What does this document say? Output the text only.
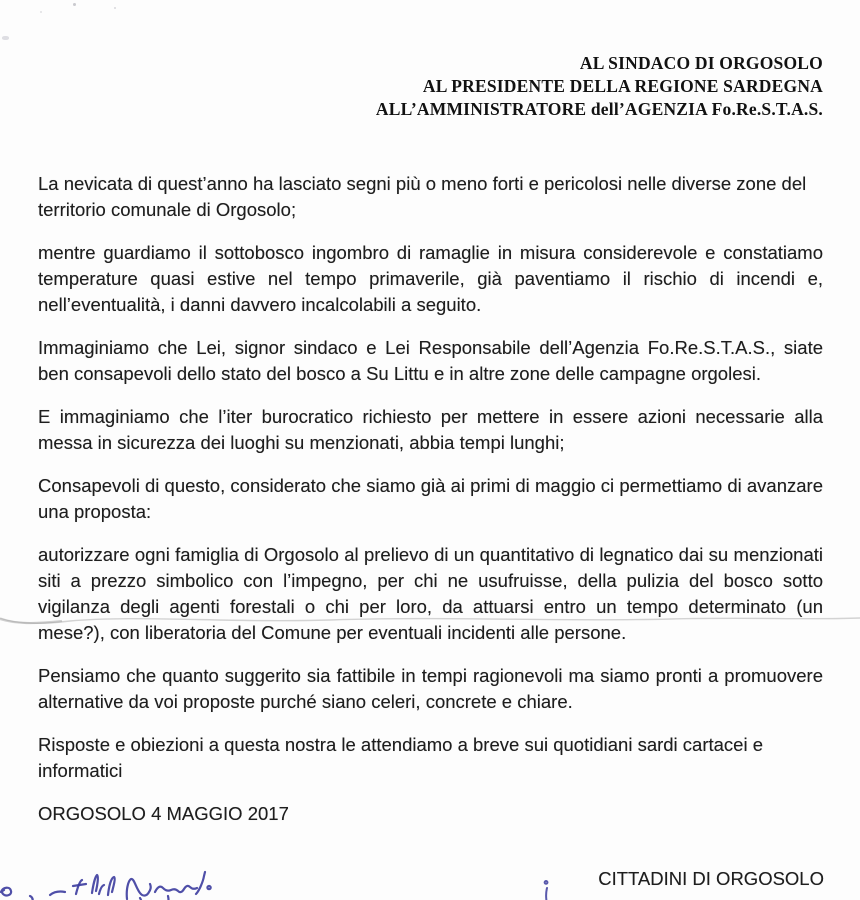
AL SINDACO DI ORGOSOLO
AL PRESIDENTE DELLA REGIONE SARDEGNA
ALL’AMMINISTRATORE dell’AGENZIA Fo.Re.S.T.A.S.

La nevicata di quest’anno ha lasciato segni più o meno forti e pericolosi nelle diverse zone del territorio comunale di Orgosolo;

mentre guardiamo il sottobosco ingombro di ramaglie in misura considerevole e constatiamo temperature quasi estive nel tempo primaverile, già paventiamo il rischio di incendi e, nell’eventualità, i danni davvero incalcolabili a seguito.

Immaginiamo che Lei, signor sindaco e Lei Responsabile dell’Agenzia Fo.Re.S.T.A.S., siate ben consapevoli dello stato del bosco a Su Littu e in altre zone delle campagne orgolesi.

E immaginiamo che l’iter burocratico richiesto per mettere in essere azioni necessarie alla messa in sicurezza dei luoghi su menzionati, abbia tempi lunghi;

Consapevoli di questo, considerato che siamo già ai primi di maggio ci permettiamo di avanzare una proposta:

autorizzare ogni famiglia di Orgosolo al prelievo di un quantitativo di legnatico dai su menzionati siti a prezzo simbolico con l’impegno, per chi ne usufruisse, della pulizia del bosco sotto vigilanza degli agenti forestali o chi per loro, da attuarsi entro un tempo determinato (un mese?), con liberatoria del Comune per eventuali incidenti alle persone.

Pensiamo che quanto suggerito sia fattibile in tempi ragionevoli ma siamo pronti a promuovere alternative da voi proposte purché siano celeri, concrete e chiare.

Risposte e obiezioni a questa nostra le attendiamo a breve sui quotidiani sardi cartacei e informatici

ORGOSOLO 4 MAGGIO 2017
CITTADINI DI ORGOSOLO
